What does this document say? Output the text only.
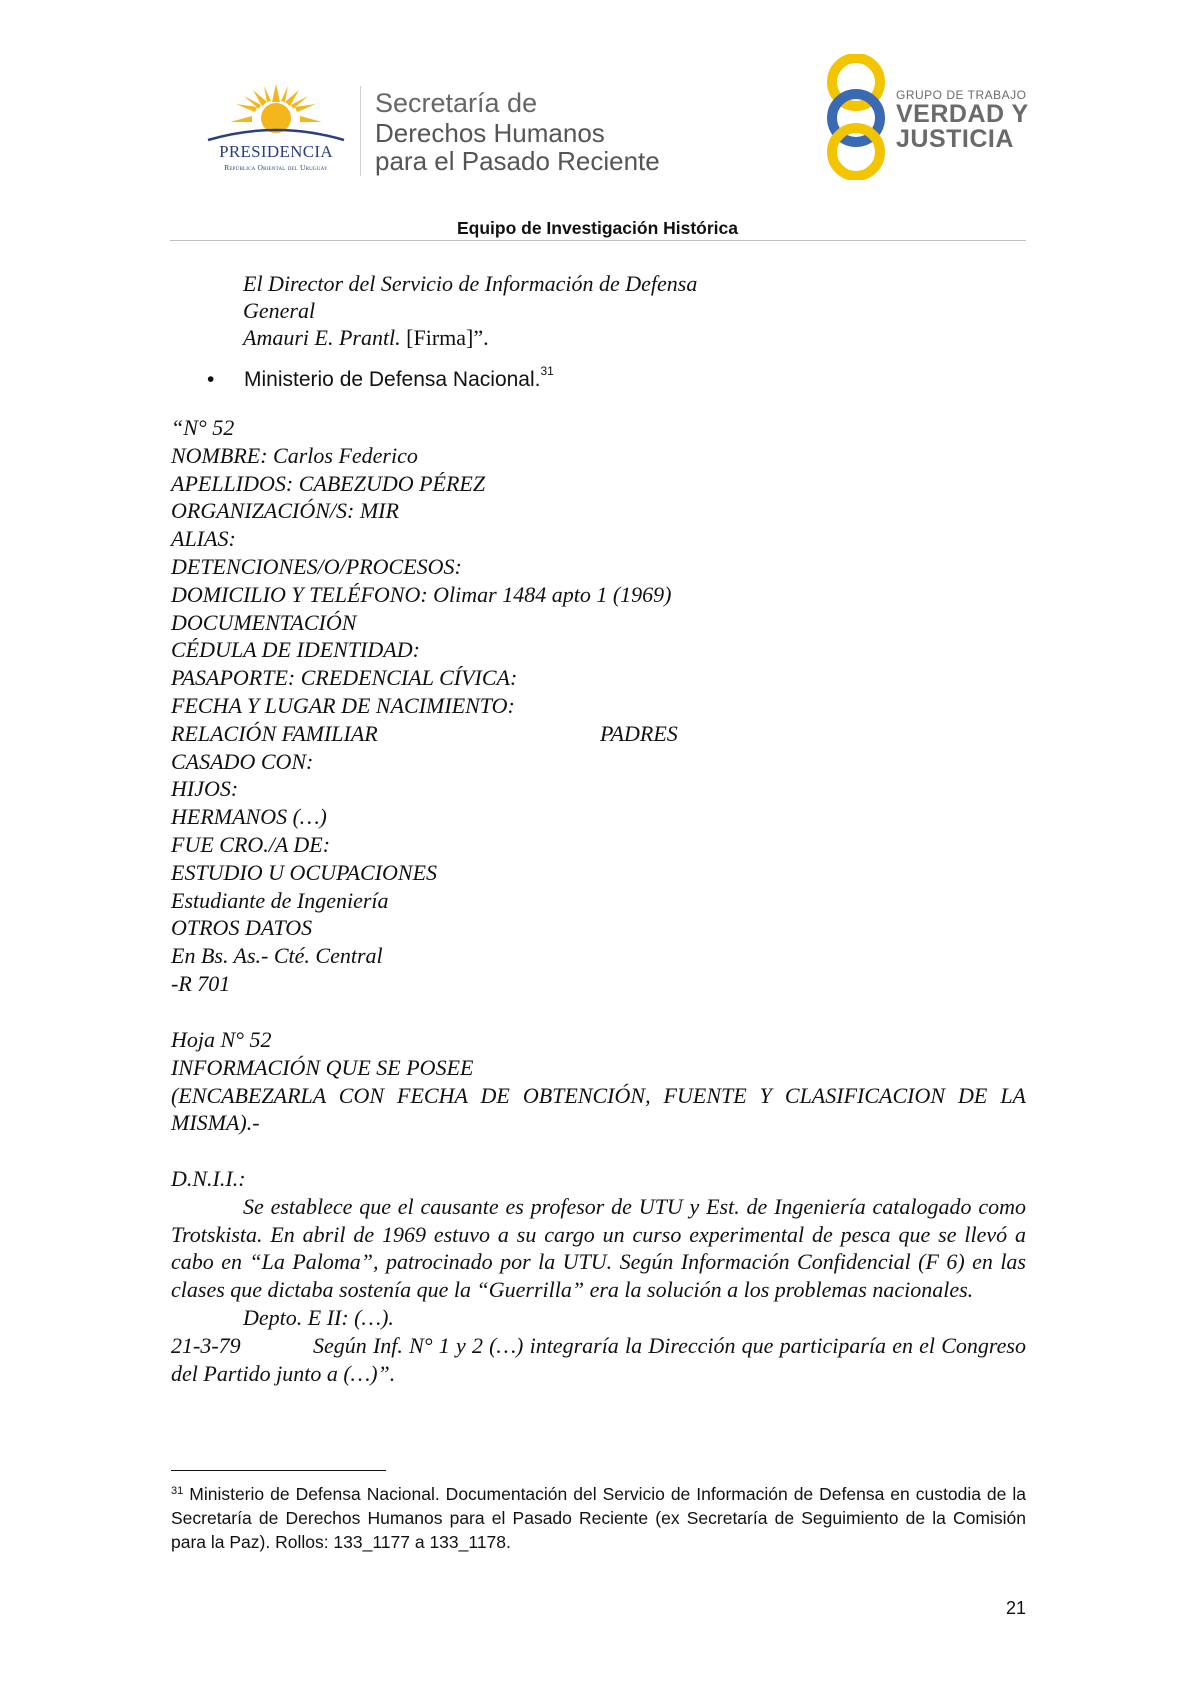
PRESIDENCIA
República Oriental del Uruguay
Secretaría de
Derechos Humanos
para el Pasado Reciente
GRUPO DE TRABAJO
VERDAD Y
JUSTICIA
Equipo de Investigación Histórica
El Director del Servicio de Información de Defensa
General
Amauri E. Prantl. [Firma]”.
• Ministerio de Defensa Nacional.$^{31}$
“N° 52
NOMBRE: Carlos Federico
APELLIDOS: CABEZUDO PÉREZ
ORGANIZACIÓN/S: MIR
ALIAS:
DETENCIONES/O/PROCESOS:
DOMICILIO Y TELÉFONO: Olimar 1484 apto 1 (1969)
DOCUMENTACIÓN
CÉDULA DE IDENTIDAD:
PASAPORTE: CREDENCIAL CÍVICA:
FECHA Y LUGAR DE NACIMIENTO:
RELACIÓN FAMILIAR	PADRES
CASADO CON:
HIJOS:
HERMANOS (…)
FUE CRO./A DE:
ESTUDIO U OCUPACIONES
Estudiante de Ingeniería
OTROS DATOS
En Bs. As.- Cté. Central
-R 701
Hoja N° 52
INFORMACIÓN QUE SE POSEE
(ENCABEZARLA CON FECHA DE OBTENCIÓN, FUENTE Y CLASIFICACION DE LA MISMA).-
D.N.I.I.:
Se establece que el causante es profesor de UTU y Est. de Ingeniería catalogado como Trotskista. En abril de 1969 estuvo a su cargo un curso experimental de pesca que se llevó a cabo en “La Paloma”, patrocinado por la UTU. Según Información Confidencial (F 6) en las clases que dictaba sostenía que la “Guerrilla” era la solución a los problemas nacionales.
Depto. E II: (…).
21-3-79	Según Inf. N° 1 y 2 (…) integraría la Dirección que participaría en el Congreso del Partido junto a (…)”.
$^{31}$ Ministerio de Defensa Nacional. Documentación del Servicio de Información de Defensa en custodia de la Secretaría de Derechos Humanos para el Pasado Reciente (ex Secretaría de Seguimiento de la Comisión para la Paz). Rollos: 133_1177 a 133_1178.
21
